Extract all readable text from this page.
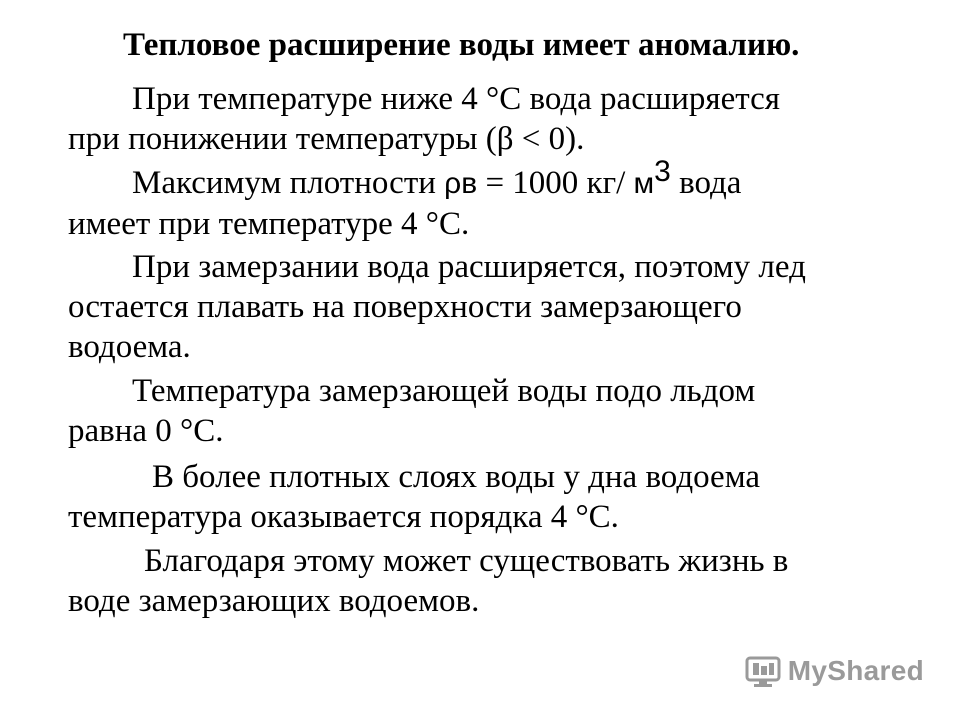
Тепловое расширение воды имеет аномалию.
При температуре ниже 4 °С вода расширяется
при понижении температуры (β < 0).
Максимум плотности ρв = 1000 кг/ $м^3$ вода
имеет при температуре 4 °С.
При замерзании вода расширяется, поэтому лед
остается плавать на поверхности замерзающего
водоема.
Температура замерзающей воды подо льдом
равна 0 °С.
В более плотных слоях воды у дна водоема
температура оказывается порядка 4 °С.
Благодаря этому может существовать жизнь в
воде замерзающих водоемов.
MyShared
